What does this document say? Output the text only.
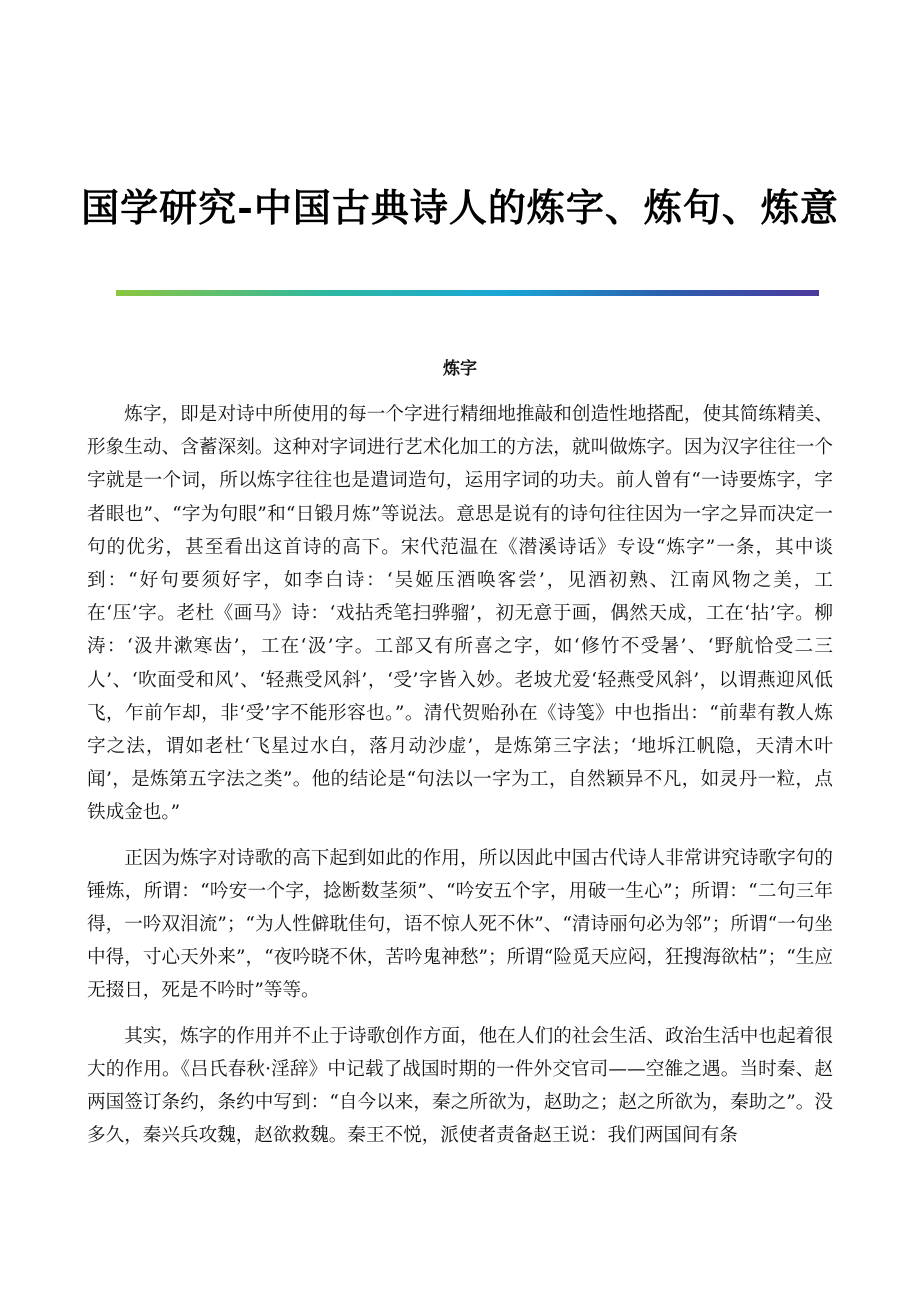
国学研究-中国古典诗人的炼字、炼句、炼意
炼字

炼字，即是对诗中所使用的每一个字进行精细地推敲和创造性地搭配，使其简练精美、形象生动、含蓄深刻。这种对字词进行艺术化加工的方法，就叫做炼字。因为汉字往往一个字就是一个词，所以炼字往往也是遣词造句，运用字词的功夫。前人曾有“一诗要炼字，字者眼也”、“字为句眼”和“日锻月炼”等说法。意思是说有的诗句往往因为一字之异而决定一句的优劣，甚至看出这首诗的高下。宋代范温在《潜溪诗话》专设“炼字”一条，其中谈到：“好句要须好字，如李白诗：‘吴姬压酒唤客尝’，见酒初熟、江南风物之美，工在‘压’字。老杜《画马》诗：‘戏拈秃笔扫骅骝’，初无意于画，偶然天成，工在‘拈’字。柳涛：‘汲井漱寒齿’，工在‘汲’字。工部又有所喜之字，如‘修竹不受暑’、‘野航恰受二三人’、‘吹面受和风’、‘轻燕受风斜’，‘受’字皆入妙。老坡尤爱‘轻燕受风斜’，以谓燕迎风低飞，乍前乍却，非‘受’字不能形容也。”。清代贺贻孙在《诗笺》中也指出：“前辈有教人炼字之法，谓如老杜‘飞星过水白，落月动沙虚’，是炼第三字法；‘地坼江帆隐，天清木叶闻’，是炼第五字法之类”。他的结论是“句法以一字为工，自然颖异不凡，如灵丹一粒，点铁成金也。”

正因为炼字对诗歌的高下起到如此的作用，所以因此中国古代诗人非常讲究诗歌字句的锤炼，所谓：“吟安一个字，捻断数茎须”、“吟安五个字，用破一生心”；所谓：“二句三年得，一吟双泪流”；“为人性僻耽佳句，语不惊人死不休”、“清诗丽句必为邻”；所谓“一句坐中得，寸心天外来”，“夜吟晓不休，苦吟鬼神愁”；所谓“险觅天应闷，狂搜海欲枯”；“生应无掇日，死是不吟时”等等。

其实，炼字的作用并不止于诗歌创作方面，他在人们的社会生活、政治生活中也起着很大的作用。《吕氏春秋·淫辞》中记载了战国时期的一件外交官司——空雒之遇。当时秦、赵两国签订条约，条约中写到：“自今以来，秦之所欲为，赵助之；赵之所欲为，秦助之”。没多久，秦兴兵攻魏，赵欲救魏。秦王不悦，派使者责备赵王说：我们两国间有条
